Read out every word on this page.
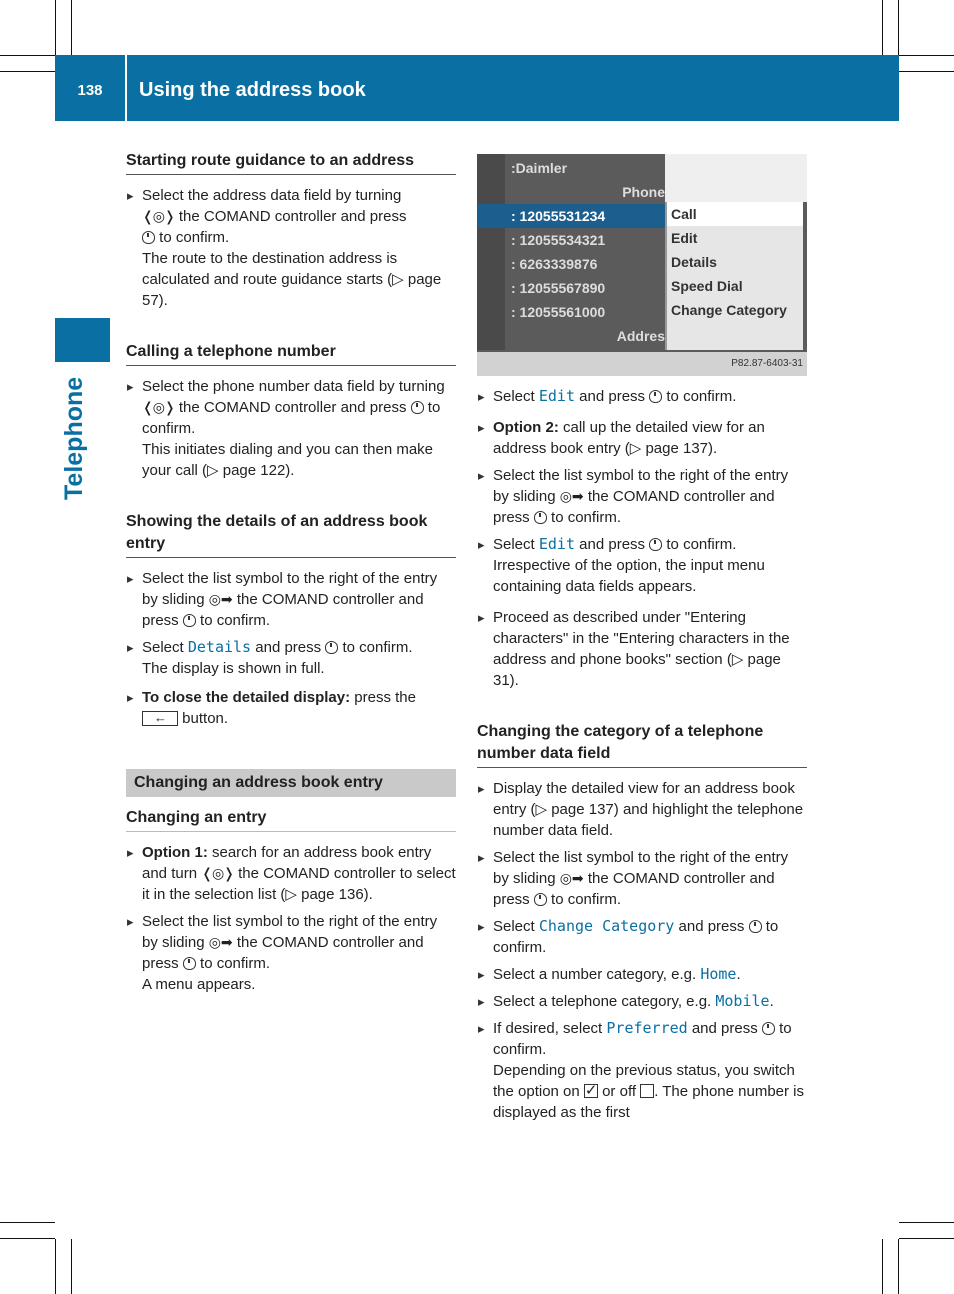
138	Using the address book
Telephone
Starting route guidance to an address
▸ Select the address data field by turning
❬◎❭ the COMAND controller and press
to confirm.
The route to the destination address is calculated and route guidance starts (▷ page 57).
Calling a telephone number
▸ Select the phone number data field by turning ❬◎❭ the COMAND controller and press to confirm.
This initiates dialing and you can then make your call (▷ page 122).
Showing the details of an address book entry
▸ Select the list symbol to the right of the entry by sliding ◎➡ the COMAND controller and press to confirm.
▸ Select Details and press to confirm.
The display is shown in full.
▸ To close the detailed display: press the
← button.
Changing an address book entry
Changing an entry
▸ Option 1: search for an address book entry and turn ❬◎❭ the COMAND controller to select it in the selection list (▷ page 136).
▸ Select the list symbol to the right of the entry by sliding ◎➡ the COMAND controller and press to confirm.
A menu appears.
:Daimler
Phone
: 12055531234
: 12055534321
: 6263339876
: 12055567890
: 12055561000
Addres
Call
Edit
Details
Speed Dial
Change Category
P82.87-6403-31
▸ Select Edit and press to confirm.
▸ Option 2: call up the detailed view for an address book entry (▷ page 137).
▸ Select the list symbol to the right of the entry by sliding ◎➡ the COMAND controller and press to confirm.
▸ Select Edit and press to confirm.
Irrespective of the option, the input menu containing data fields appears.
▸ Proceed as described under "Entering characters" in the "Entering characters in the address and phone books" section (▷ page 31).
Changing the category of a telephone number data field
▸ Display the detailed view for an address book entry (▷ page 137) and highlight the telephone number data field.
▸ Select the list symbol to the right of the entry by sliding ◎➡ the COMAND controller and press to confirm.
▸ Select Change Category and press to confirm.
▸ Select a number category, e.g. Home.
▸ Select a telephone category, e.g. Mobile.
▸ If desired, select Preferred and press to confirm.
Depending on the previous status, you switch the option on ✓ or off . The phone number is displayed as the first
